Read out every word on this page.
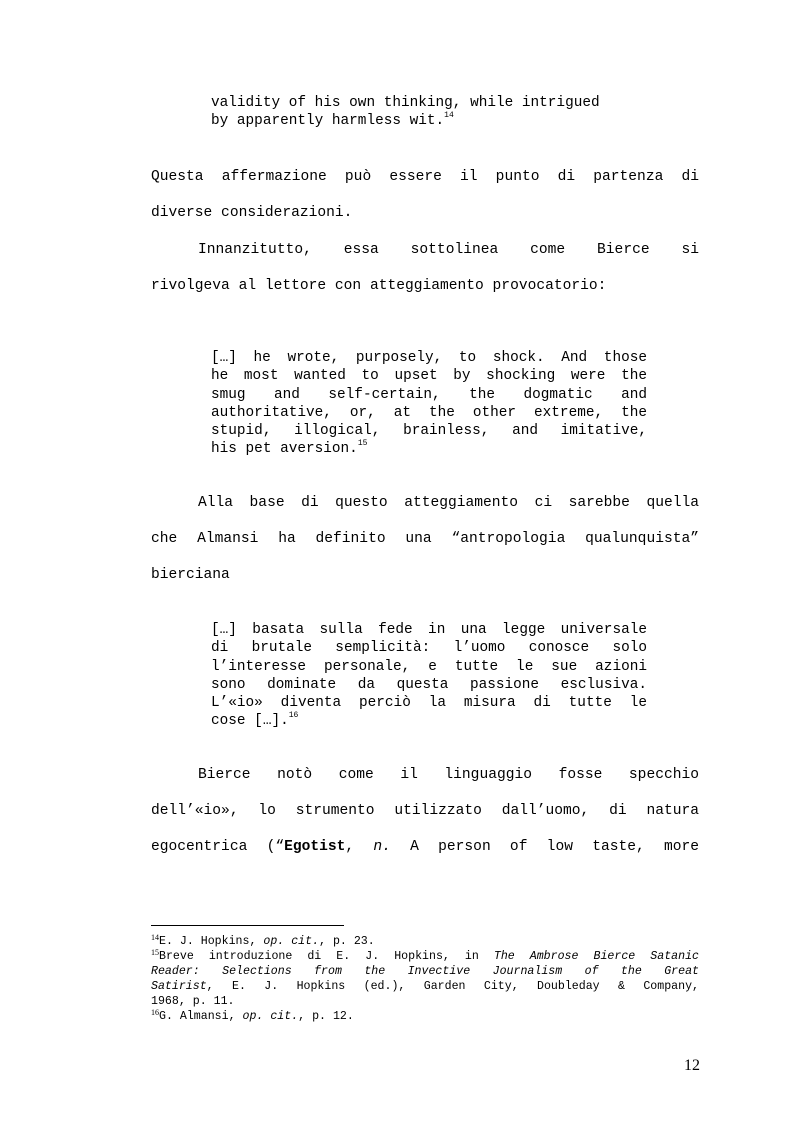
validity of his own thinking, while intrigued
by apparently harmless wit.$^{14}$
Questa affermazione può essere il punto di partenza di
diverse considerazioni.
Innanzitutto, essa sottolinea come Bierce si
rivolgeva al lettore con atteggiamento provocatorio:
[…] he wrote, purposely, to shock. And those
he most wanted to upset by shocking were the
smug and self-certain, the dogmatic and
authoritative, or, at the other extreme, the
stupid, illogical, brainless, and imitative,
his pet aversion.$^{15}$
Alla base di questo atteggiamento ci sarebbe quella
che Almansi ha definito una “antropologia qualunquista”
bierciana
[…] basata sulla fede in una legge universale
di brutale semplicità: l’uomo conosce solo
l’interesse personale, e tutte le sue azioni
sono dominate da questa passione esclusiva.
L’«io» diventa perciò la misura di tutte le
cose […].$^{16}$
Bierce notò come il linguaggio fosse specchio
dell’«io», lo strumento utilizzato dall’uomo, di natura
egocentrica (“Egotist, n. A person of low taste, more
$^{14}$E. J. Hopkins, op. cit., p. 23.
$^{15}$Breve introduzione di E. J. Hopkins, in The Ambrose Bierce Satanic
Reader: Selections from the Invective Journalism of the Great
Satirist, E. J. Hopkins (ed.), Garden City, Doubleday & Company,
1968, p. 11.
$^{16}$G. Almansi, op. cit., p. 12.
12
